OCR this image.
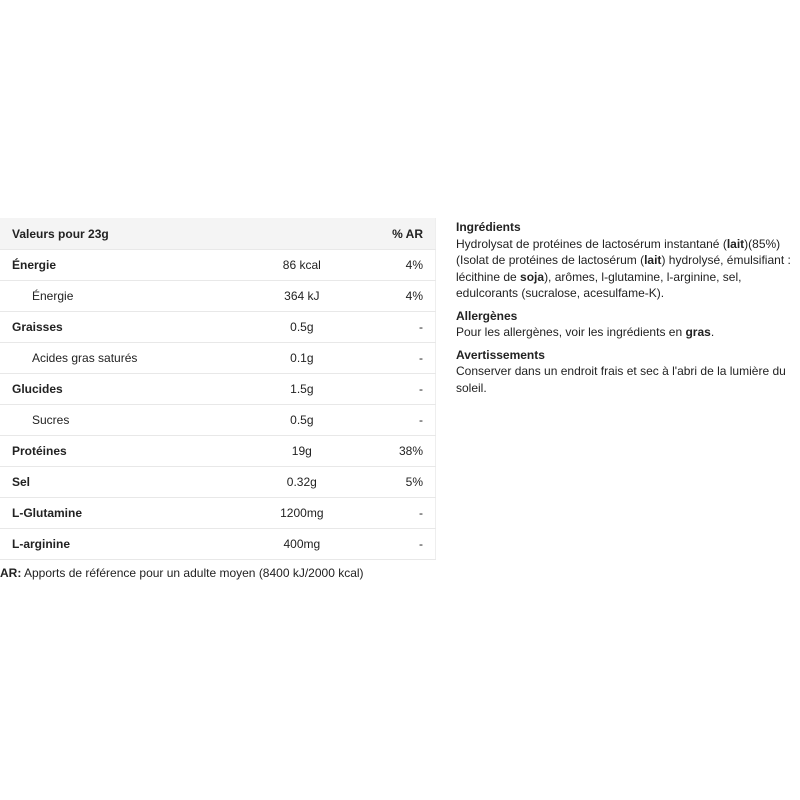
Valeurs pour 23g		% AR
Énergie	86 kcal	4%
Énergie	364 kJ	4%
Graisses	0.5g	-
Acides gras saturés	0.1g	-
Glucides	1.5g	-
Sucres	0.5g	-
Protéines	19g	38%
Sel	0.32g	5%
L-Glutamine	1200mg	-
L-arginine	400mg	-
AR: Apports de référence pour un adulte moyen (8400 kJ/2000 kcal)
Ingrédients
Hydrolysat de protéines de lactosérum instantané (lait)(85%)(Isolat de protéines de lactosérum (lait) hydrolysé, émulsifiant : lécithine de soja), arômes, l-glutamine, l-arginine, sel, edulcorants (sucralose, acesulfame-K).
Allergènes
Pour les allergènes, voir les ingrédients en gras.
Avertissements
Conserver dans un endroit frais et sec à l'abri de la lumière du soleil.
